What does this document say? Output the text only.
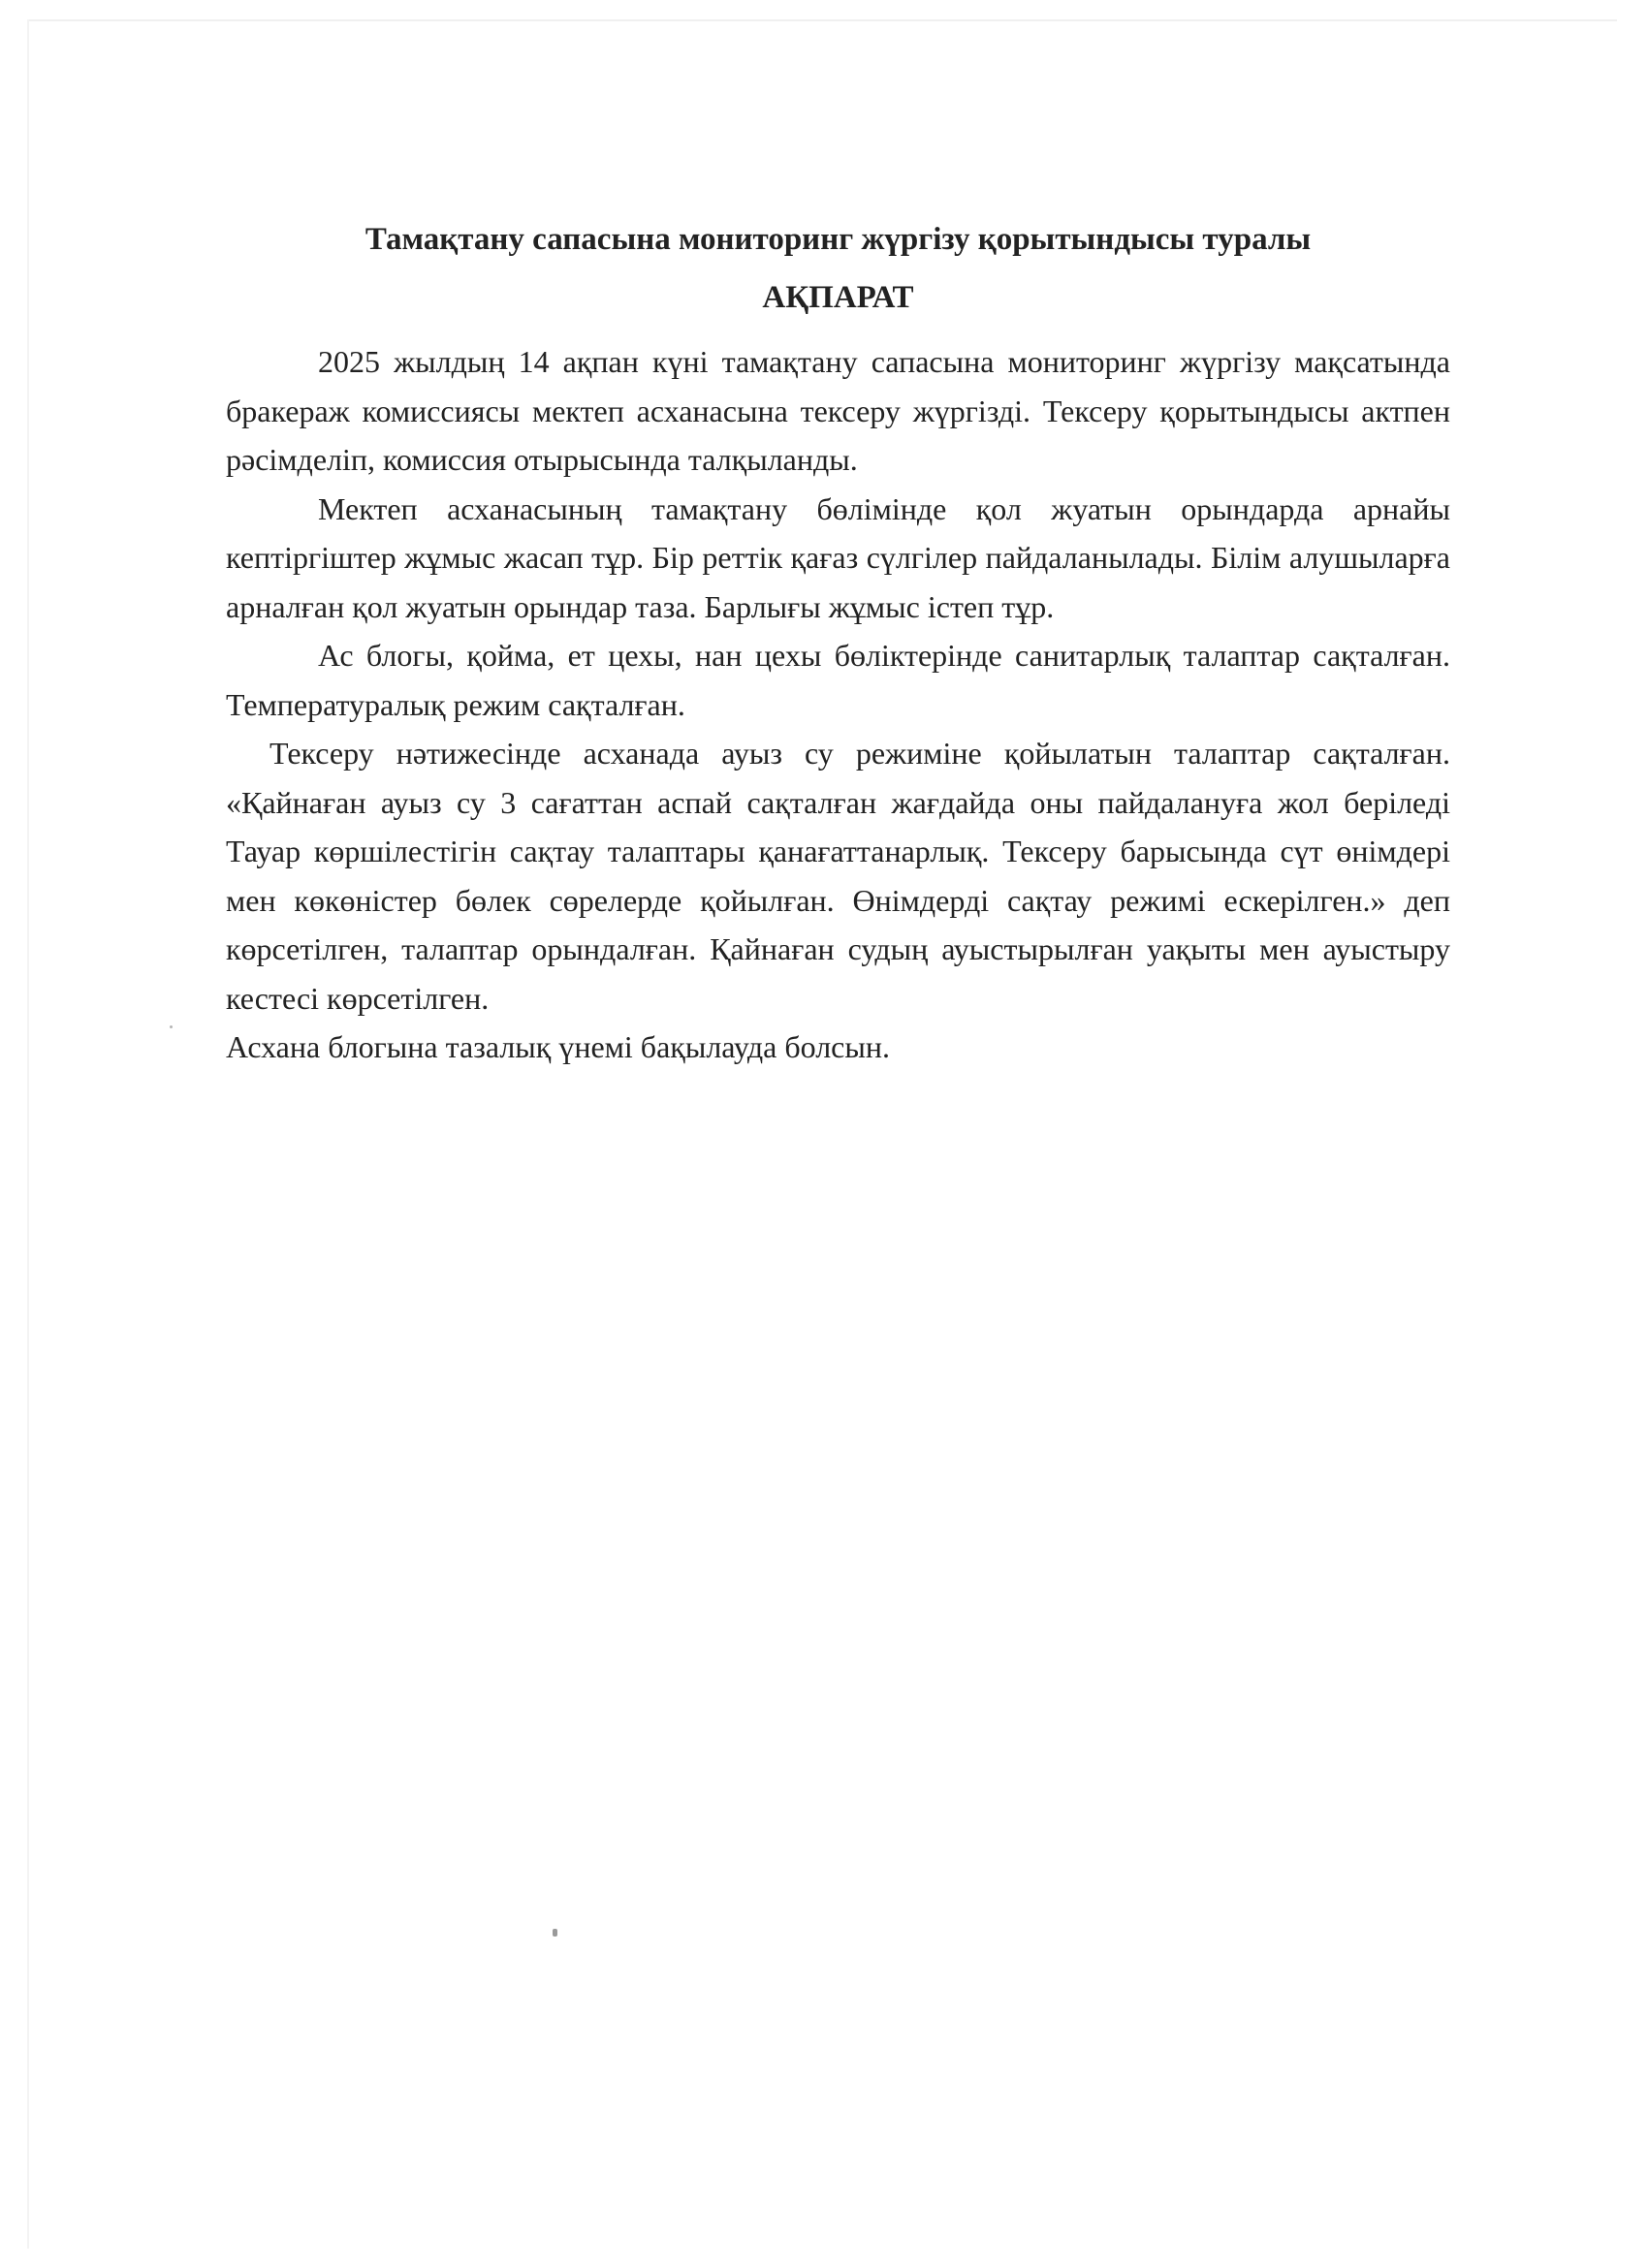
Тамақтану сапасына мониторинг жүргізу қорытындысы туралы
АҚПАРАТ

2025 жылдың 14 ақпан күні тамақтану сапасына мониторинг жүргізу мақсатында бракераж комиссиясы мектеп асханасына тексеру жүргізді. Тексеру қорытындысы актпен рәсімделіп, комиссия отырысында талқыланды.

Мектеп асханасының тамақтану бөлімінде қол жуатын орындарда арнайы кептіргіштер жұмыс жасап тұр. Бір реттік қағаз сүлгілер пайдаланылады. Білім алушыларға арналған қол жуатын орындар таза. Барлығы жұмыс істеп тұр.

Ас блогы, қойма, ет цехы, нан цехы бөліктерінде санитарлық талаптар сақталған. Температуралық режим сақталған.

Тексеру нәтижесінде асханада ауыз су режиміне қойылатын талаптар сақталған. «Қайнаған ауыз су 3 сағаттан аспай сақталған жағдайда оны пайдалануға жол беріледі Тауар көршілестігін сақтау талаптары қанағаттанарлық. Тексеру барысында сүт өнімдері мен көкөністер бөлек сөрелерде қойылған. Өнімдерді сақтау режимі ескерілген.» деп көрсетілген, талаптар орындалған. Қайнаған судың ауыстырылған уақыты мен ауыстыру кестесі көрсетілген.

Асхана блогына тазалық үнемі бақылауда болсын.
